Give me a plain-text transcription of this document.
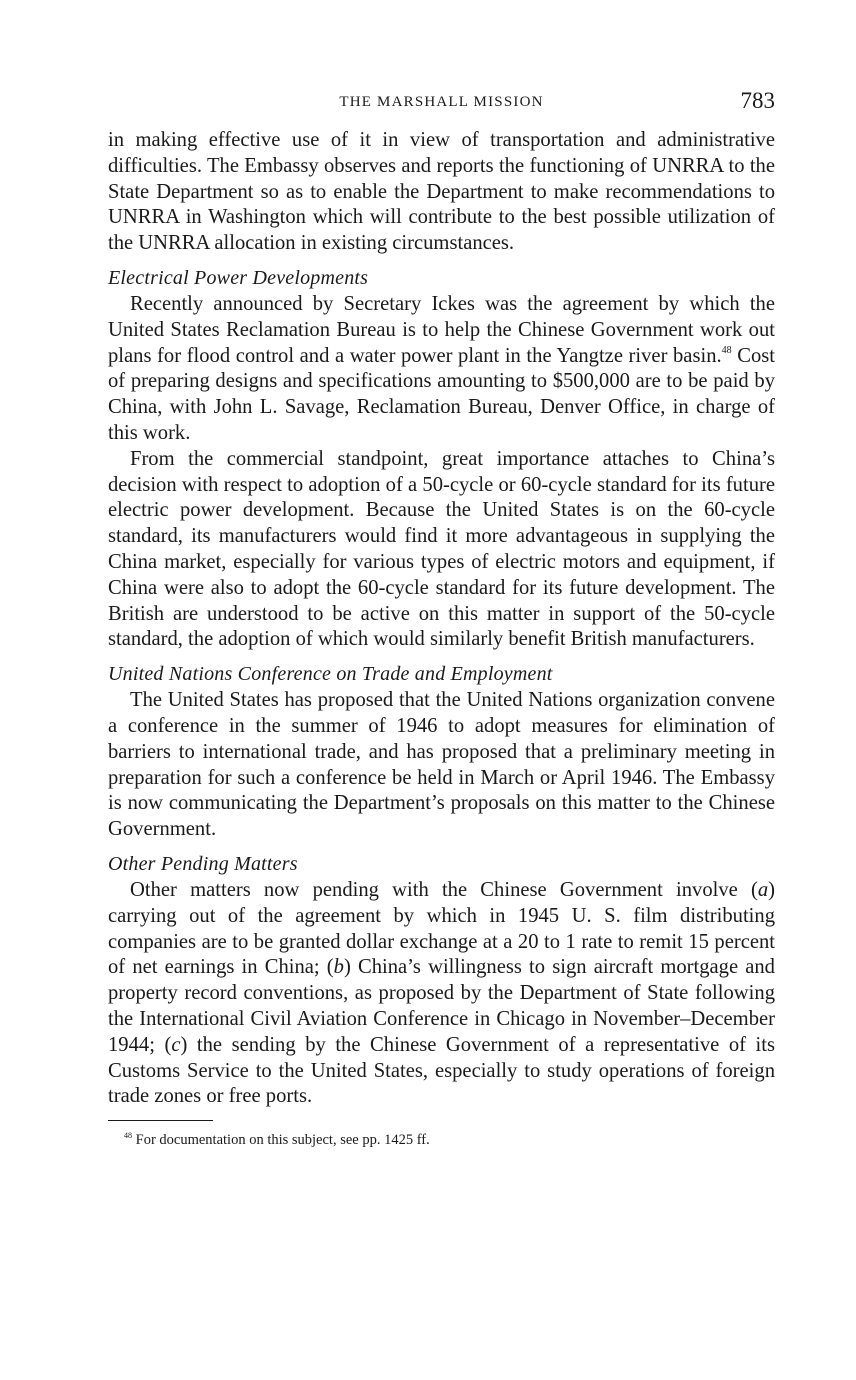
THE MARSHALL MISSION	783

in making effective use of it in view of transportation and administrative difficulties. The Embassy observes and reports the functioning of UNRRA to the State Department so as to enable the Department to make recommendations to UNRRA in Washington which will contribute to the best possible utilization of the UNRRA allocation in existing circumstances.

Electrical Power Developments

Recently announced by Secretary Ickes was the agreement by which the United States Reclamation Bureau is to help the Chinese Government work out plans for flood control and a water power plant in the Yangtze river basin.$^{48}$ Cost of preparing designs and specifications amounting to $500,000 are to be paid by China, with John L. Savage, Reclamation Bureau, Denver Office, in charge of this work.

From the commercial standpoint, great importance attaches to China’s decision with respect to adoption of a 50-cycle or 60-cycle standard for its future electric power development. Because the United States is on the 60-cycle standard, its manufacturers would find it more advantageous in supplying the China market, especially for various types of electric motors and equipment, if China were also to adopt the 60-cycle standard for its future development. The British are understood to be active on this matter in support of the 50-cycle standard, the adoption of which would similarly benefit British manufacturers.

United Nations Conference on Trade and Employment

The United States has proposed that the United Nations organization convene a conference in the summer of 1946 to adopt measures for elimination of barriers to international trade, and has proposed that a preliminary meeting in preparation for such a conference be held in March or April 1946. The Embassy is now communicating the Department’s proposals on this matter to the Chinese Government.

Other Pending Matters

Other matters now pending with the Chinese Government involve (a) carrying out of the agreement by which in 1945 U. S. film distributing companies are to be granted dollar exchange at a 20 to 1 rate to remit 15 percent of net earnings in China; (b) China’s willingness to sign aircraft mortgage and property record conventions, as proposed by the Department of State following the International Civil Aviation Conference in Chicago in November–December 1944; (c) the sending by the Chinese Government of a representative of its Customs Service to the United States, especially to study operations of foreign trade zones or free ports.

$^{48}$ For documentation on this subject, see pp. 1425 ff.
